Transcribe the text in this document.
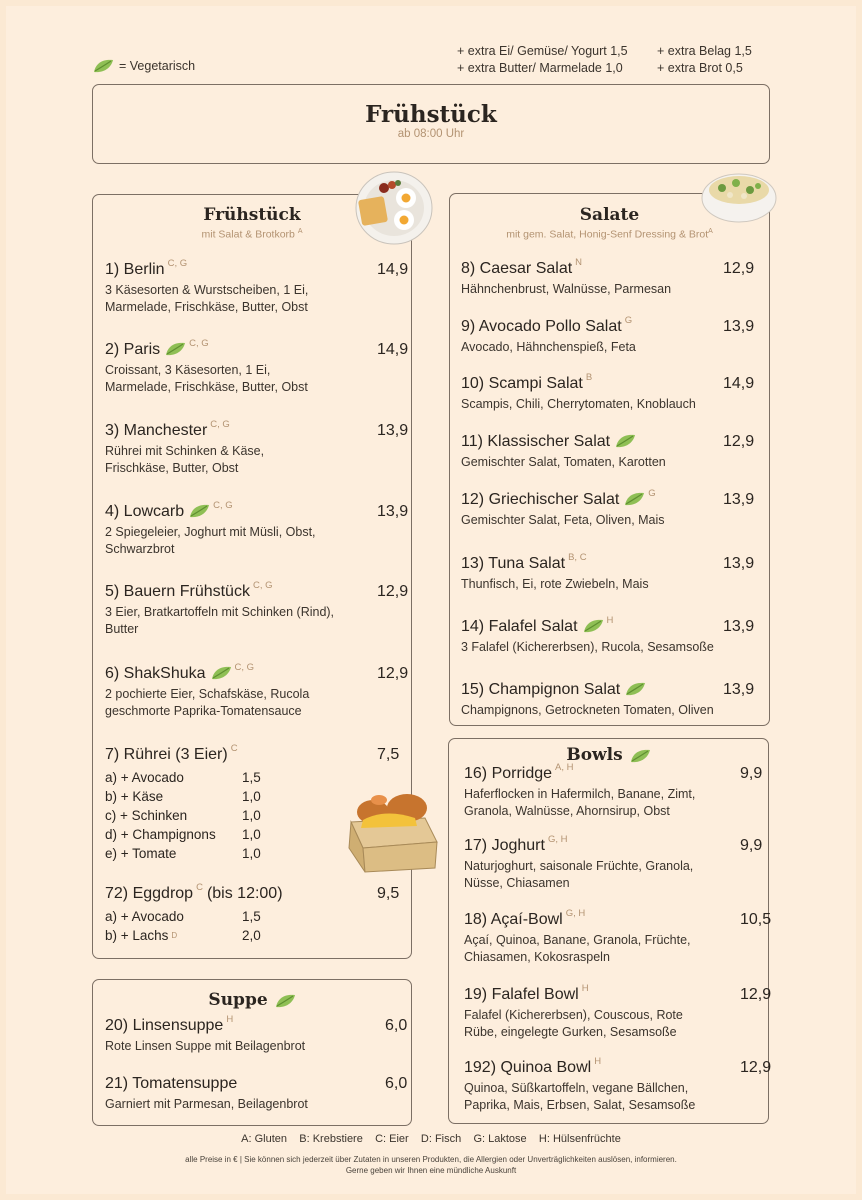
= Vegetarisch
+ extra Ei/ Gemüse/ Yogurt 1,5	+ extra Belag 1,5
+ extra Butter/ Marmelade 1,0	+ extra Brot 0,5
Frühstück
ab 08:00 Uhr
Frühstück
mit Salat & Brotkorb $^A$
1) Berlin C, G	14,9
3 Käsesorten & Wurstscheiben, 1 Ei,
Marmelade, Frischkäse, Butter, Obst
2) Paris	C, G	14,9
Croissant, 3 Käsesorten, 1 Ei,
Marmelade, Frischkäse, Butter, Obst
3) Manchester C, G	13,9
Rührei mit Schinken & Käse,
Frischkäse, Butter, Obst
4) Lowcarb	C, G	13,9
2 Spiegeleier, Joghurt mit Müsli, Obst,
Schwarzbrot
5) Bauern Frühstück C, G	12,9
3 Eier, Bratkartoffeln mit Schinken (Rind),
Butter
6) ShakShuka	C, G	12,9
2 pochierte Eier, Schafskäse, Rucola
geschmorte Paprika-Tomatensauce
7) Rührei (3 Eier) C	7,5
a) + Avocado	1,5
b) + Käse	1,0
c) + Schinken	1,0
d) + Champignons 1,0
e) + Tomate	1,0
72) Eggdrop C (bis 12:00)	9,5
a) + Avocado	1,5
b) + Lachs $^D$	2,0
Suppe
20) Linsensuppe H	6,0
Rote Linsen Suppe mit Beilagenbrot
21) Tomatensuppe	6,0
Garniert mit Parmesan, Beilagenbrot
Salate
mit gem. Salat, Honig-Senf Dressing & Brot$^A$
8) Caesar Salat N	12,9
Hähnchenbrust, Walnüsse, Parmesan
9) Avocado Pollo Salat G	13,9
Avocado, Hähnchenspieß, Feta
10) Scampi Salat B	14,9
Scampis, Chili, Cherrytomaten, Knoblauch
11) Klassischer Salat	12,9
Gemischter Salat, Tomaten, Karotten
12) Griechischer Salat	G	13,9
Gemischter Salat, Feta, Oliven, Mais
13) Tuna Salat B, C	13,9
Thunfisch, Ei, rote Zwiebeln, Mais
14) Falafel Salat	H	13,9
3 Falafel (Kichererbsen), Rucola, Sesamsoße
15) Champignon Salat	13,9
Champignons, Getrockneten Tomaten, Oliven
Bowls
16) Porridge A, H	9,9
Haferflocken in Hafermilch, Banane, Zimt,
Granola, Walnüsse, Ahornsirup, Obst
17) Joghurt G, H	9,9
Naturjoghurt, saisonale Früchte, Granola,
Nüsse, Chiasamen
18) Açaí-Bowl G, H	10,5
Açaí, Quinoa, Banane, Granola, Früchte,
Chiasamen, Kokosraspeln
19) Falafel Bowl H	12,9
Falafel (Kichererbsen), Couscous, Rote
Rübe, eingelegte Gurken, Sesamsoße
192) Quinoa Bowl H	12,9
Quinoa, Süßkartoffeln, vegane Bällchen,
Paprika, Mais, Erbsen, Salat, Sesamsoße
A: Gluten    B: Krebstiere    C: Eier    D: Fisch    G: Laktose    H: Hülsenfrüchte
alle Preise in € | Sie können sich jederzeit über Zutaten in unseren Produkten, die Allergien oder Unverträglichkeiten auslösen, informieren.
Gerne geben wir Ihnen eine mündliche Auskunft
